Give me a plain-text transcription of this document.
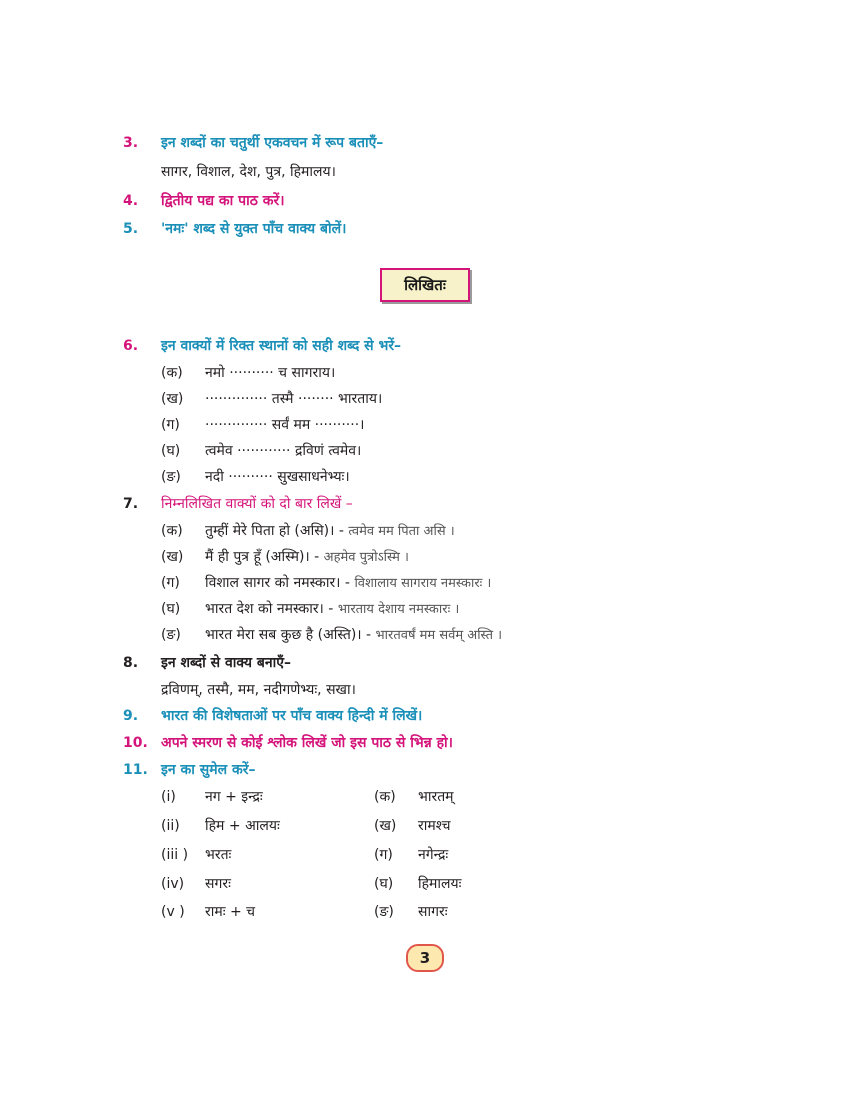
3. इन शब्दों का चतुर्थी एकवचन में रूप बताएँ–
सागर, विशाल, देश, पुत्र, हिमालय।
4. द्वितीय पद्य का पाठ करें।
5. 'नमः' शब्द से युक्त पाँच वाक्य बोलें।
लिखितः
6. इन वाक्यों में रिक्त स्थानों को सही शब्द से भरें–
(क) नमो ·········· च सागराय।
(ख) ·············· तस्मै ········ भारताय।
(ग) ·············· सर्वं मम ··········।
(घ) त्वमेव ············ द्रविणं त्वमेव।
(ङ) नदी ·········· सुखसाधनेभ्यः।
7. निम्नलिखित वाक्यों को दो बार लिखें –
(क) तुम्हीं मेरे पिता हो (असि)। - त्वमेव मम पिता असि ।
(ख) मैं ही पुत्र हूँ (अस्मि)। - अहमेव पुत्रोऽस्मि ।
(ग) विशाल सागर को नमस्कार। - विशालाय सागराय नमस्कारः ।
(घ) भारत देश को नमस्कार। - भारताय देशाय नमस्कारः ।
(ङ) भारत मेरा सब कुछ है (अस्ति)। - भारतवर्षं मम सर्वम् अस्ति ।
8. इन शब्दों से वाक्य बनाएँ–
द्रविणम्, तस्मै, मम, नदीगणेभ्यः, सखा।
9. भारत की विशेषताओं पर पाँच वाक्य हिन्दी में लिखें।
10. अपने स्मरण से कोई श्लोक लिखें जो इस पाठ से भिन्न हो।
11. इन का सुमेल करें–
(i) नग + इन्द्रः
(ii) हिम + आलयः
(iii ) भरतः
(iv) सगरः
(v ) रामः + च
(क) भारतम्
(ख) रामश्च
(ग) नगेन्द्रः
(घ) हिमालयः
(ङ) सागरः
3
